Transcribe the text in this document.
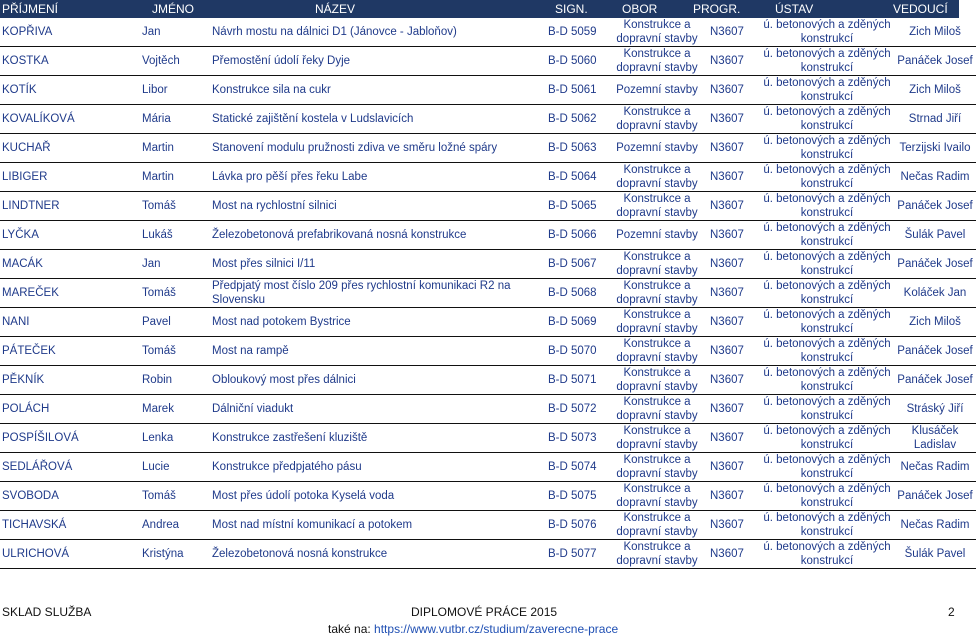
PŘÍJMENÍ	JMÉNO	NÁZEV	SIGN.	OBOR	PROGR.	ÚSTAV	VEDOUCÍ
KOPŘIVA	Jan	Návrh mostu na dálnici D1 (Jánovce - Jabloňov)	B-D 5059	Konstrukce a dopravní stavby	N3607	ú. betonových a zděných konstrukcí	Zich Miloš
KOSTKA	Vojtěch	Přemostění údolí řeky Dyje	B-D 5060	Konstrukce a dopravní stavby	N3607	ú. betonových a zděných konstrukcí	Panáček Josef
KOTÍK	Libor	Konstrukce sila na cukr	B-D 5061	Pozemní stavby	N3607	ú. betonových a zděných konstrukcí	Zich Miloš
KOVALÍKOVÁ	Mária	Statické zajištění kostela v Ludslavicích	B-D 5062	Konstrukce a dopravní stavby	N3607	ú. betonových a zděných konstrukcí	Strnad Jiří
KUCHAŘ	Martin	Stanovení modulu pružnosti zdiva ve směru ložné spáry	B-D 5063	Pozemní stavby	N3607	ú. betonových a zděných konstrukcí	Terzijski Ivailo
LIBIGER	Martin	Lávka pro pěší přes řeku Labe	B-D 5064	Konstrukce a dopravní stavby	N3607	ú. betonových a zděných konstrukcí	Nečas Radim
LINDTNER	Tomáš	Most na rychlostní silnici	B-D 5065	Konstrukce a dopravní stavby	N3607	ú. betonových a zděných konstrukcí	Panáček Josef
LYČKA	Lukáš	Železobetonová prefabrikovaná nosná konstrukce	B-D 5066	Pozemní stavby	N3607	ú. betonových a zděných konstrukcí	Šulák Pavel
MACÁK	Jan	Most přes silnici I/11	B-D 5067	Konstrukce a dopravní stavby	N3607	ú. betonových a zděných konstrukcí	Panáček Josef
MAREČEK	Tomáš	Předpjatý most číslo 209 přes rychlostní komunikaci R2 na Slovensku	B-D 5068	Konstrukce a dopravní stavby	N3607	ú. betonových a zděných konstrukcí	Koláček Jan
NANI	Pavel	Most nad potokem Bystrice	B-D 5069	Konstrukce a dopravní stavby	N3607	ú. betonových a zděných konstrukcí	Zich Miloš
PÁTEČEK	Tomáš	Most na rampě	B-D 5070	Konstrukce a dopravní stavby	N3607	ú. betonových a zděných konstrukcí	Panáček Josef
PĚKNÍK	Robin	Obloukový most přes dálnici	B-D 5071	Konstrukce a dopravní stavby	N3607	ú. betonových a zděných konstrukcí	Panáček Josef
POLÁCH	Marek	Dálniční viadukt	B-D 5072	Konstrukce a dopravní stavby	N3607	ú. betonových a zděných konstrukcí	Stráský Jiří
POSPÍŠILOVÁ	Lenka	Konstrukce zastřešení kluziště	B-D 5073	Konstrukce a dopravní stavby	N3607	ú. betonových a zděných konstrukcí	Klusáček Ladislav
SEDLÁŘOVÁ	Lucie	Konstrukce předpjatého pásu	B-D 5074	Konstrukce a dopravní stavby	N3607	ú. betonových a zděných konstrukcí	Nečas Radim
SVOBODA	Tomáš	Most přes údolí potoka Kyselá voda	B-D 5075	Konstrukce a dopravní stavby	N3607	ú. betonových a zděných konstrukcí	Panáček Josef
TICHAVSKÁ	Andrea	Most nad místní komunikací a potokem	B-D 5076	Konstrukce a dopravní stavby	N3607	ú. betonových a zděných konstrukcí	Nečas Radim
ULRICHOVÁ	Kristýna	Železobetonová nosná konstrukce	B-D 5077	Konstrukce a dopravní stavby	N3607	ú. betonových a zděných konstrukcí	Šulák Pavel
SKLAD SLUŽBA	DIPLOMOVÉ PRÁCE 2015	2
také na: https://www.vutbr.cz/studium/zaverecne-prace
